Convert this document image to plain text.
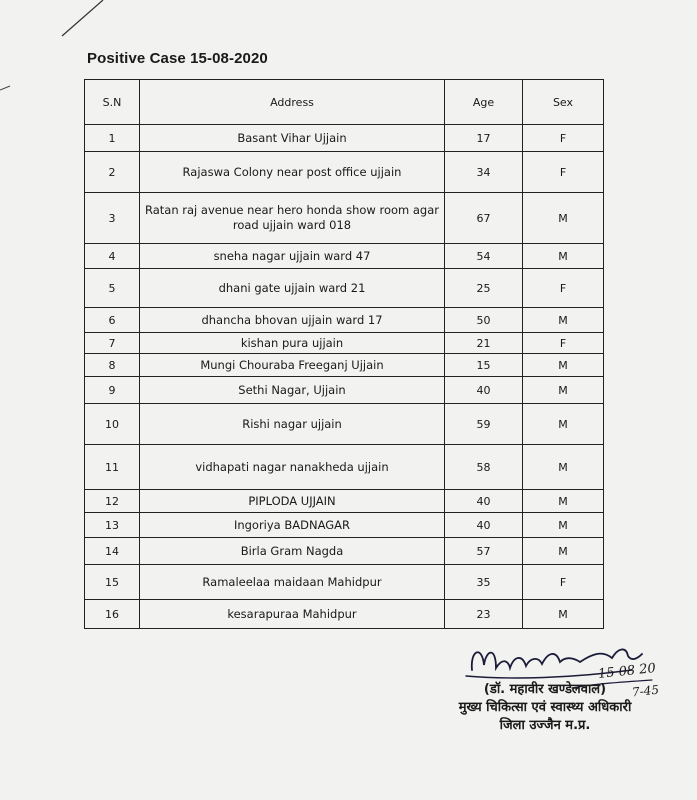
Positive Case 15-08-2020
S.N	Address	Age	Sex
1	Basant Vihar Ujjain	17	F
2	Rajaswa Colony near post office ujjain	34	F
3	Ratan raj avenue near hero honda show room agar road ujjain ward 018	67	M
4	sneha nagar ujjain ward 47	54	M
5	dhani gate ujjain ward 21	25	F
6	dhancha bhovan ujjain ward 17	50	M
7	kishan pura ujjain	21	F
8	Mungi Chouraba Freeganj Ujjain	15	M
9	Sethi Nagar, Ujjain	40	M
10	Rishi nagar ujjain	59	M
11	vidhapati nagar nanakheda ujjain	58	M
12	PIPLODA UJJAIN	40	M
13	Ingoriya BADNAGAR	40	M
14	Birla Gram Nagda	57	M
15	Ramaleelaa maidaan Mahidpur	35	F
16	kesarapuraa Mahidpur	23	M
15 08 20
7-45
(डॉ. महावीर खण्डेलवाल)
मुख्य चिकित्सा एवं स्वास्थ्य अधिकारी
जिला उज्जैन म.प्र.
